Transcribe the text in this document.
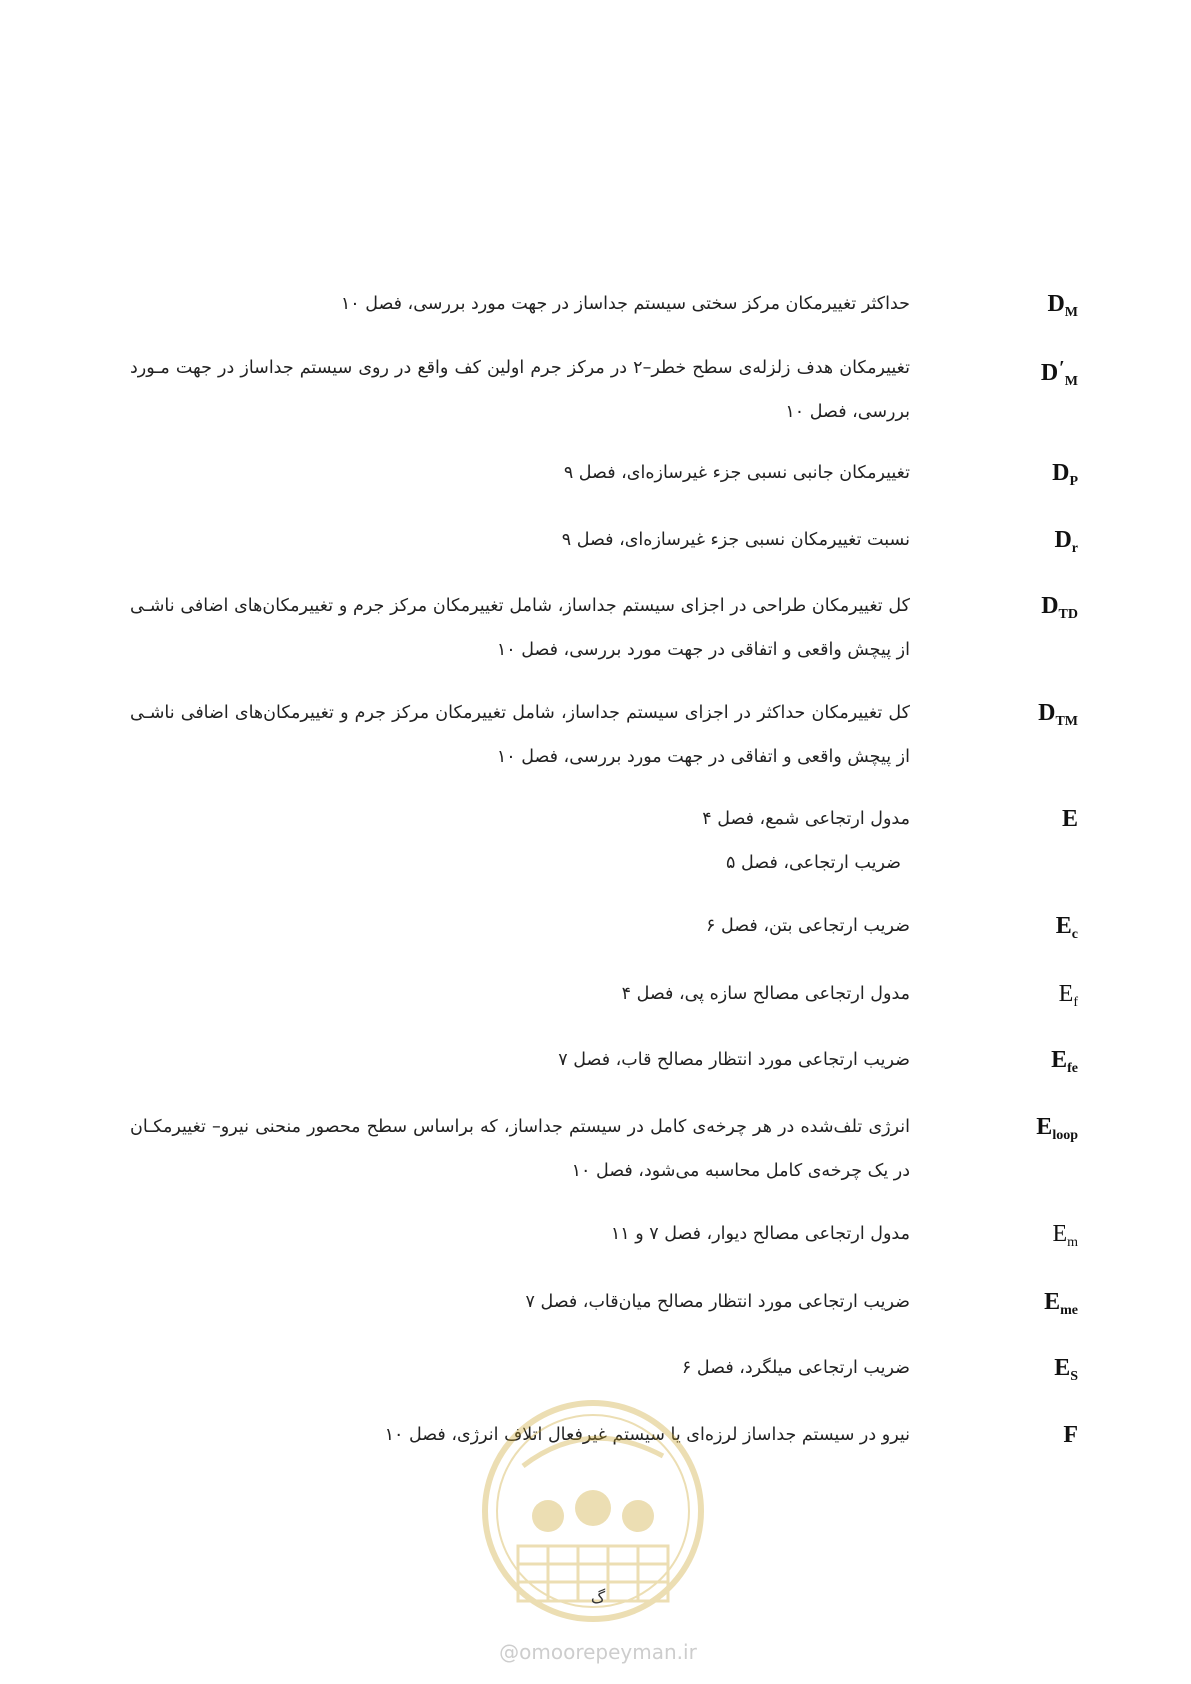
$D_M$
حداکثر تغییرمکان مرکز سختی سیستم جداساز در جهت مورد بررسی، فصل ۱۰
$D'_M$
تغییرمکان هدف زلزله‌ی سطح خطر–۲ در مرکز جرم اولین کف واقع در روی سیستم جداساز در جهت مـورد بررسی، فصل ۱۰
$D_P$
تغییرمکان جانبی نسبی جزء غیرسازه‌ای، فصل ۹
$D_r$
نسبت تغییرمکان نسبی جزء غیرسازه‌ای، فصل ۹
$D_{TD}$
کل تغییرمکان طراحی در اجزای سیستم جداساز، شامل تغییرمکان مرکز جرم و تغییرمکان‌های اضافی ناشـی از پیچش واقعی و اتفاقی در جهت مورد بررسی، فصل ۱۰
$D_{TM}$
کل تغییرمکان حداکثر در اجزای سیستم جداساز، شامل تغییرمکان مرکز جرم و تغییرمکان‌های اضافی ناشـی از پیچش واقعی و اتفاقی در جهت مورد بررسی، فصل ۱۰
E
مدول ارتجاعی شمع، فصل ۴
ضریب ارتجاعی، فصل ۵
$E_c$
ضریب ارتجاعی بتن، فصل ۶
$E_f$
مدول ارتجاعی مصالح سازه پی، فصل ۴
$E_{fe}$
ضریب ارتجاعی مورد انتظار مصالح قاب، فصل ۷
$E_{loop}$
انرژی تلف‌شده در هر چرخه‌ی کامل در سیستم جداساز، که براساس سطح محصور منحنی نیرو– تغییرمکـان در یک چرخه‌ی کامل محاسبه می‌شود، فصل ۱۰
$E_m$
مدول ارتجاعی مصالح دیوار، فصل ۷ و ۱۱
$E_{me}$
ضریب ارتجاعی مورد انتظار مصالح میان‌قاب، فصل ۷
$E_S$
ضریب ارتجاعی میلگرد، فصل ۶
F
نیرو در سیستم جداساز لرزه‌ای یا سیستم غیرفعال اتلاف انرژی، فصل ۱۰
گ
@omoorepeyman.ir
